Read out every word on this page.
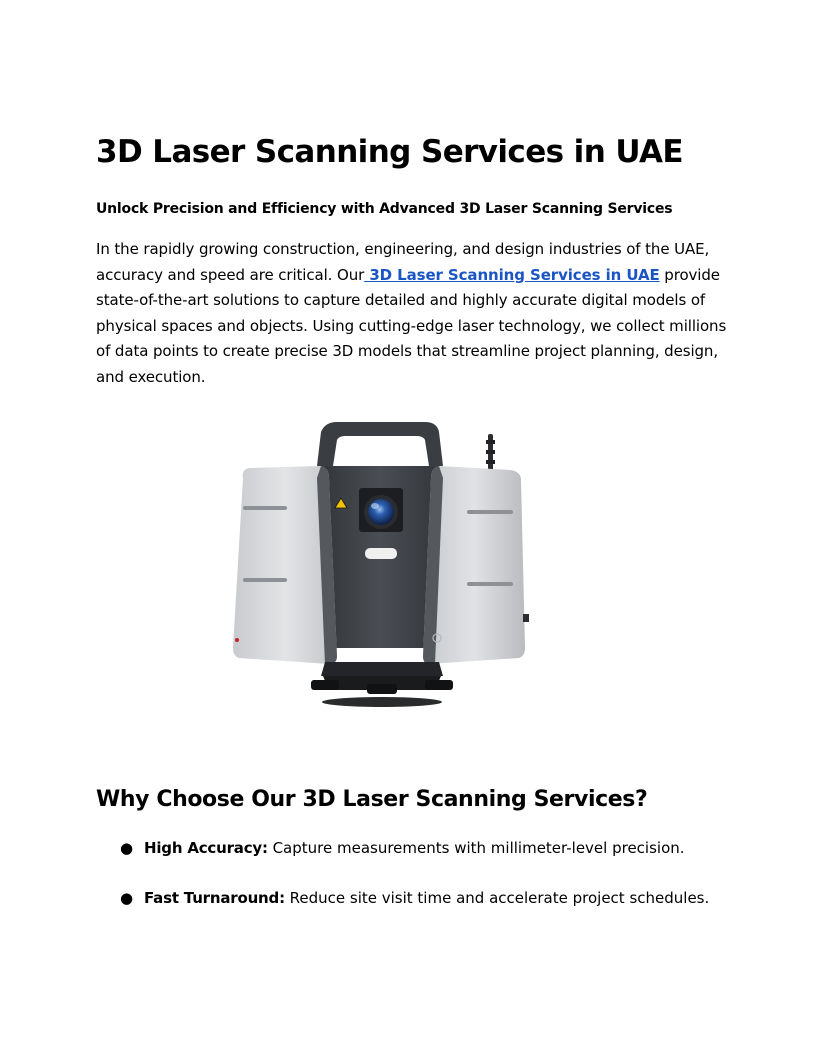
3D Laser Scanning Services in UAE

Unlock Precision and Efficiency with Advanced 3D Laser Scanning Services

In the rapidly growing construction, engineering, and design industries of the UAE, accuracy and speed are critical. Our 3D Laser Scanning Services in UAE provide state-of-the-art solutions to capture detailed and highly accurate digital models of physical spaces and objects. Using cutting-edge laser technology, we collect millions of data points to create precise 3D models that streamline project planning, design, and execution.

Why Choose Our 3D Laser Scanning Services?
● High Accuracy: Capture measurements with millimeter-level precision.
● Fast Turnaround: Reduce site visit time and accelerate project schedules.
